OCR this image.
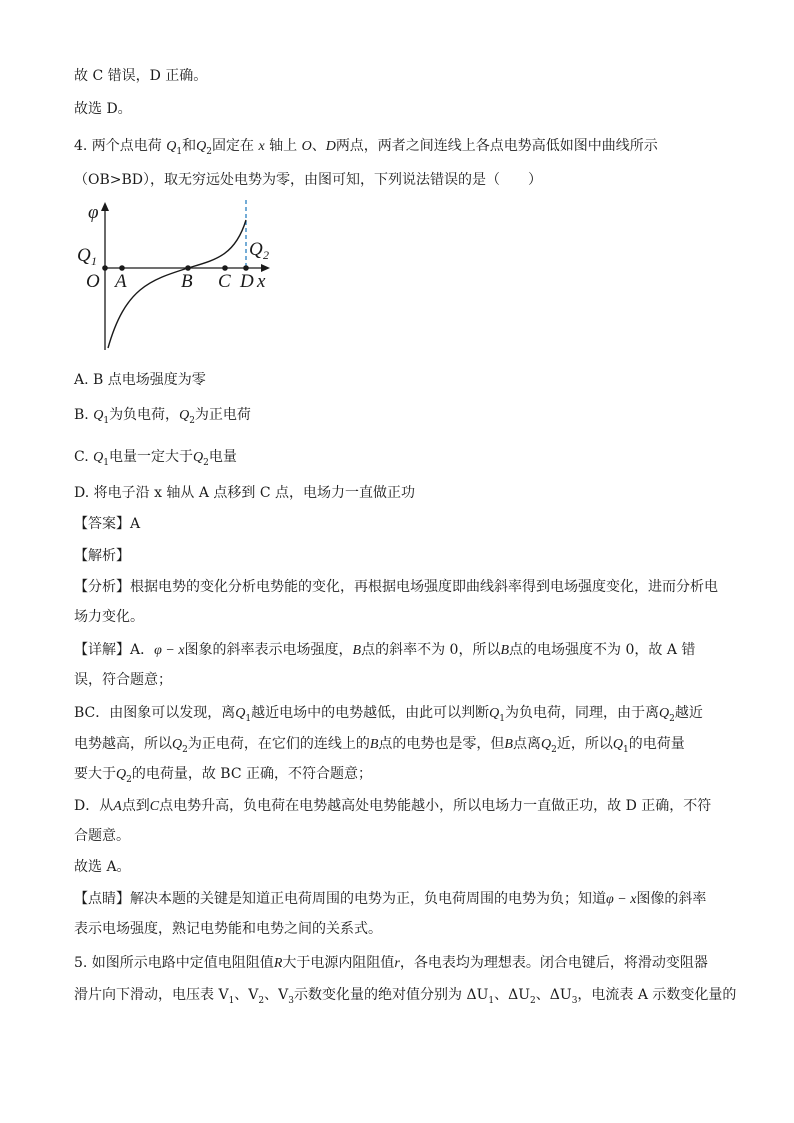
故 C 错误，D 正确。
故选 D。
4. 两个点电荷 $Q_1$和$Q_2$固定在 x 轴上 O、D两点，两者之间连线上各点电势高低如图中曲线所示
（OB>BD），取无穷远处电势为零，由图可知，下列说法错误的是（　　）
φ
x
Q 1
Q 2
O A	B C D
A. B 点电场强度为零
B. $Q_1$为负电荷，$Q_2$为正电荷
C. $Q_1$电量一定大于$Q_2$电量
D. 将电子沿 x 轴从 A 点移到 C 点，电场力一直做正功
【答案】A
【解析】
【分析】根据电势的变化分析电势能的变化，再根据电场强度即曲线斜率得到电场强度变化，进而分析电
场力变化。
【详解】A．φ − x图象的斜率表示电场强度，B点的斜率不为 0，所以B点的电场强度不为 0，故 A 错
误，符合题意；
BC．由图象可以发现，离$Q_1$越近电场中的电势越低，由此可以判断$Q_1$为负电荷，同理，由于离$Q_2$越近
电势越高，所以$Q_2$为正电荷，在它们的连线上的B点的电势也是零，但B点离$Q_2$近，所以$Q_1$的电荷量
要大于$Q_2$的电荷量，故 BC 正确，不符合题意；
D．从A点到C点电势升高，负电荷在电势越高处电势能越小，所以电场力一直做正功，故 D 正确，不符
合题意。
故选 A。
【点睛】解决本题的关键是知道正电荷周围的电势为正，负电荷周围的电势为负；知道φ − x图像的斜率
表示电场强度，熟记电势能和电势之间的关系式。
5. 如图所示电路中定值电阻阻值R大于电源内阻阻值r，各电表均为理想表。闭合电键后，将滑动变阻器
滑片向下滑动，电压表 $V_1$、$V_2$、$V_3$示数变化量的绝对值分别为 $\Delta U_1$、$\Delta U_2$、$\Delta U_3$，电流表 A 示数变化量的
